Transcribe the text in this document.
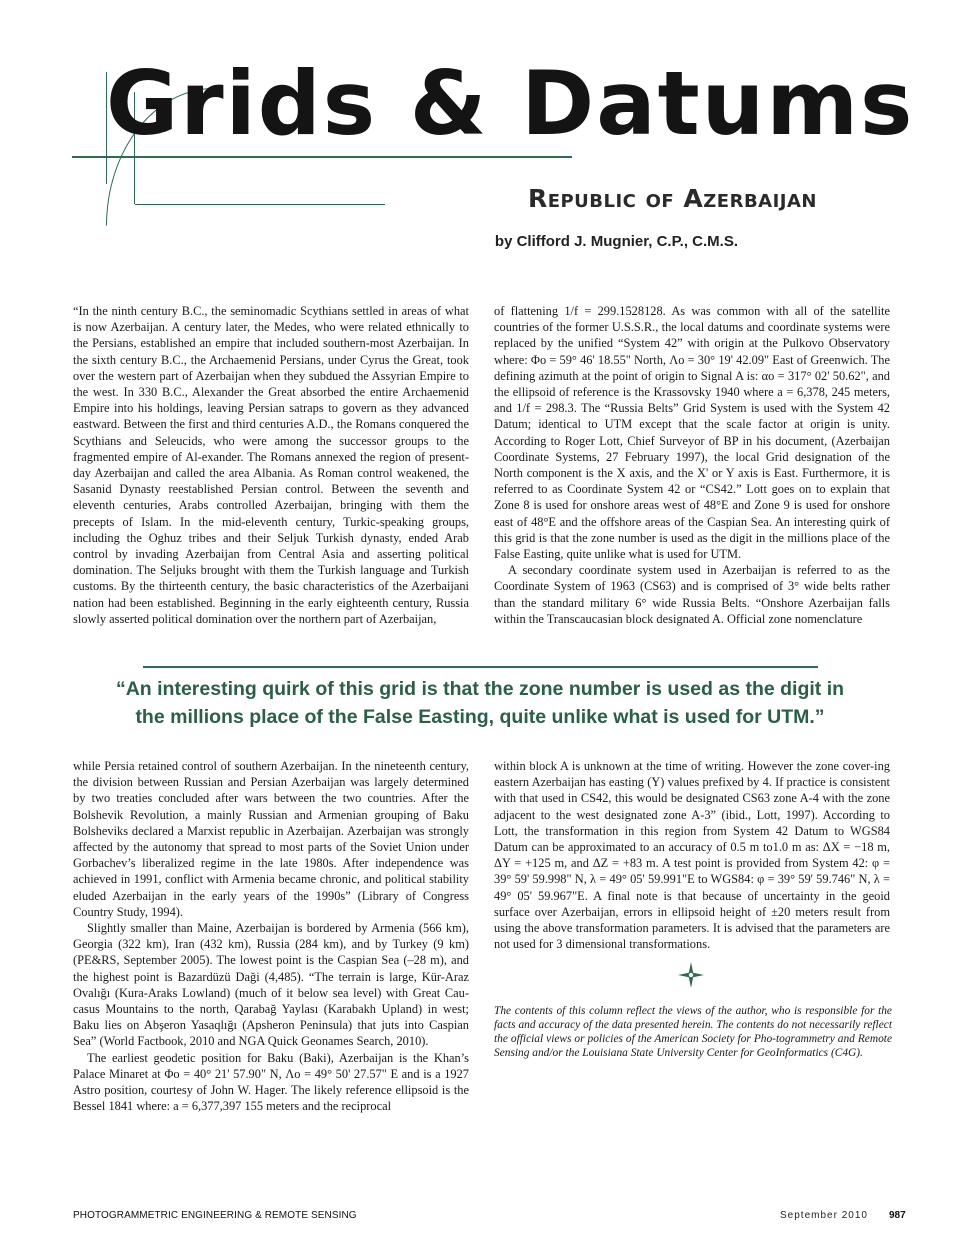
Grids & Datums
Republic of Azerbaijan
by Clifford J. Mugnier, C.P., C.M.S.

“In the ninth century B.C., the seminomadic Scythians settled in areas of what is now Azerbaijan. A century later, the Medes, who were related ethnically to the Persians, established an empire that included southern-most Azerbaijan. In the sixth century B.C., the Archaemenid Persians, under Cyrus the Great, took over the western part of Azerbaijan when they subdued the Assyrian Empire to the west. In 330 B.C., Alexander the Great absorbed the entire Archaemenid Empire into his holdings, leaving Persian satraps to govern as they advanced eastward. Between the first and third centuries A.D., the Romans conquered the Scythians and Seleucids, who were among the successor groups to the fragmented empire of Al-exander. The Romans annexed the region of present-day Azerbaijan and called the area Albania. As Roman control weakened, the Sasanid Dynasty reestablished Persian control. Between the seventh and eleventh centuries, Arabs controlled Azerbaijan, bringing with them the precepts of Islam. In the mid-eleventh century, Turkic-speaking groups, including the Oghuz tribes and their Seljuk Turkish dynasty, ended Arab control by invading Azerbaijan from Central Asia and asserting political domination. The Seljuks brought with them the Turkish language and Turkish customs. By the thirteenth century, the basic characteristics of the Azerbaijani nation had been established. Beginning in the early eighteenth century, Russia slowly asserted political domination over the northern part of Azerbaijan,

of flattening 1/f = 299.1528128. As was common with all of the satellite countries of the former U.S.S.R., the local datums and coordinate systems were replaced by the unified “System 42” with origin at the Pulkovo Observatory where: Φo = 59° 46' 18.55" North, Λo = 30° 19' 42.09" East of Greenwich. The defining azimuth at the point of origin to Signal A is: αo = 317° 02' 50.62", and the ellipsoid of reference is the Krassovsky 1940 where a = 6,378, 245 meters, and 1/f = 298.3. The “Russia Belts” Grid System is used with the System 42 Datum; identical to UTM except that the scale factor at origin is unity. According to Roger Lott, Chief Surveyor of BP in his document, (Azerbaijan Coordinate Systems, 27 February 1997), the local Grid designation of the North component is the X axis, and the X' or Y axis is East. Furthermore, it is referred to as Coordinate System 42 or “CS42.” Lott goes on to explain that Zone 8 is used for onshore areas west of 48°E and Zone 9 is used for onshore east of 48°E and the offshore areas of the Caspian Sea. An interesting quirk of this grid is that the zone number is used as the digit in the millions place of the False Easting, quite unlike what is used for UTM.

A secondary coordinate system used in Azerbaijan is referred to as the Coordinate System of 1963 (CS63) and is comprised of 3° wide belts rather than the standard military 6° wide Russia Belts. “Onshore Azerbaijan falls within the Transcaucasian block designated A. Official zone nomenclature

“An interesting quirk of this grid is that the zone number is used as the digit in
the millions place of the False Easting, quite unlike what is used for UTM.”

while Persia retained control of southern Azerbaijan. In the nineteenth century, the division between Russian and Persian Azerbaijan was largely determined by two treaties concluded after wars between the two countries. After the Bolshevik Revolution, a mainly Russian and Armenian grouping of Baku Bolsheviks declared a Marxist republic in Azerbaijan. Azerbaijan was strongly affected by the autonomy that spread to most parts of the Soviet Union under Gorbachev’s liberalized regime in the late 1980s. After independence was achieved in 1991, conflict with Armenia became chronic, and political stability eluded Azerbaijan in the early years of the 1990s” (Library of Congress Country Study, 1994).

Slightly smaller than Maine, Azerbaijan is bordered by Armenia (566 km), Georgia (322 km), Iran (432 km), Russia (284 km), and by Turkey (9 km) (PE&RS, September 2005). The lowest point is the Caspian Sea (–28 m), and the highest point is Bazardüzü Daği (4,485). “The terrain is large, Kür-Araz Ovalığı (Kura-Araks Lowland) (much of it below sea level) with Great Cau-casus Mountains to the north, Qarabağ Yaylası (Karabakh Upland) in west; Baku lies on Abşeron Yasaqlığı (Apsheron Peninsula) that juts into Caspian Sea” (World Factbook, 2010 and NGA Quick Geonames Search, 2010).

The earliest geodetic position for Baku (Baki), Azerbaijan is the Khan’s Palace Minaret at Φo = 40° 21' 57.90" N, Λo = 49° 50' 27.57" E and is a 1927 Astro position, courtesy of John W. Hager. The likely reference ellipsoid is the Bessel 1841 where: a = 6,377,397 155 meters and the reciprocal

within block A is unknown at the time of writing. However the zone cover-ing eastern Azerbaijan has easting (Y) values prefixed by 4. If practice is consistent with that used in CS42, this would be designated CS63 zone A-4 with the zone adjacent to the west designated zone A-3” (ibid., Lott, 1997). According to Lott, the transformation in this region from System 42 Datum to WGS84 Datum can be approximated to an accuracy of 0.5 m to1.0 m as: ΔX = −18 m, ΔY = +125 m, and ΔZ = +83 m. A test point is provided from System 42: φ = 39° 59' 59.998" N, λ = 49° 05' 59.991"E to WGS84: φ = 39° 59' 59.746" N, λ = 49° 05' 59.967"E. A final note is that because of uncertainty in the geoid surface over Azerbaijan, errors in ellipsoid height of ±20 meters result from using the above transformation parameters. It is advised that the parameters are not used for 3 dimensional transformations.

The contents of this column reflect the views of the author, who is responsible for the facts and accuracy of the data presented herein. The contents do not necessarily reflect the official views or policies of the American Society for Pho-togrammetry and Remote Sensing and/or the Louisiana State University Center for GeoInformatics (C4G).

PHOTOGRAMMETRIC ENGINEERING & REMOTE SENSING	September 2010 987
